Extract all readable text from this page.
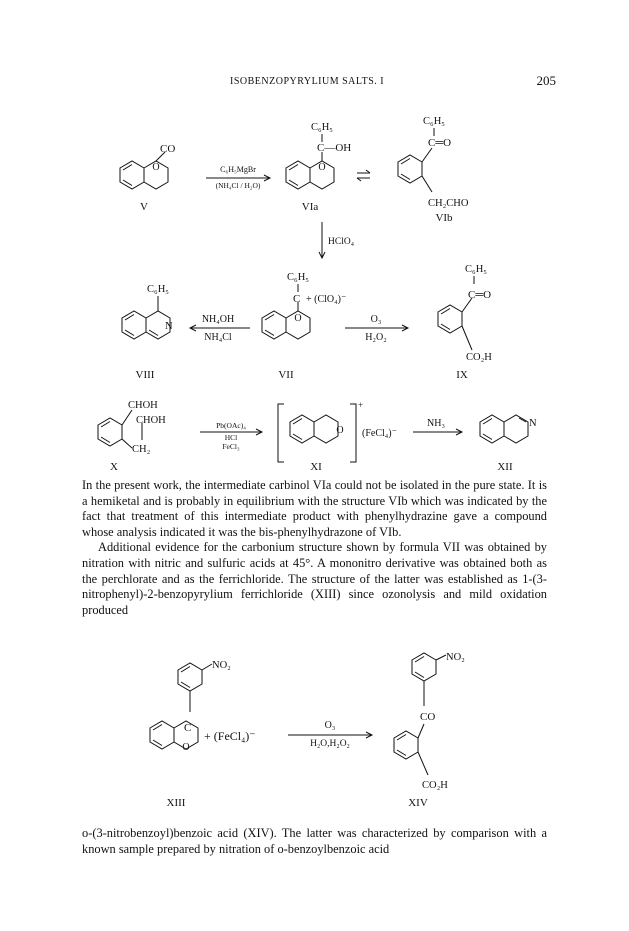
ISOBENZOPYRYLIUM SALTS. I	205
CO
O
V
C₆H₅MgBr
(NH₄Cl / H₂O)
C₆H₅
C—OH
O
VIa
C₆H₅
C═O
CH₂CHO
VIb
HClO₄
C₆H₅
N
VIII
NH₄OH
NH₄Cl
C₆H₅
C + (ClO₄)⁻
O
VII
O₃
H₂O₂
C₆H₅
C═O
CO₂H
IX
CHOH
CHOH
CH₂
X
Pb(OAc)₄
HCl
FeCl₃
O
+
(FeCl₄)⁻
XI
NH₃	N
XII
NO₂
C
+ (FeCl₄)⁻
O
O₃
H₂O,H₂O₂
XIII
NO₂
CO
CO₂H
XIV

In the present work, the intermediate carbinol VIa could not be isolated in the pure state. It is a hemiketal and is probably in equilibrium with the structure VIb which was indicated by the fact that treatment of this intermediate product with phenylhydrazine gave a compound whose analysis indicated it was the bis-phenylhydrazone of VIb.

Additional evidence for the carbonium structure shown by formula VII was obtained by nitration with nitric and sulfuric acids at 45°. A mononitro derivative was obtained both as the perchlorate and as the ferrichloride. The structure of the latter was established as 1-(3-nitrophenyl)-2-benzopyrylium ferrichloride (XIII) since ozonolysis and mild oxidation produced

o-(3-nitrobenzoyl)benzoic acid (XIV). The latter was characterized by comparison with a known sample prepared by nitration of o-benzoylbenzoic acid
